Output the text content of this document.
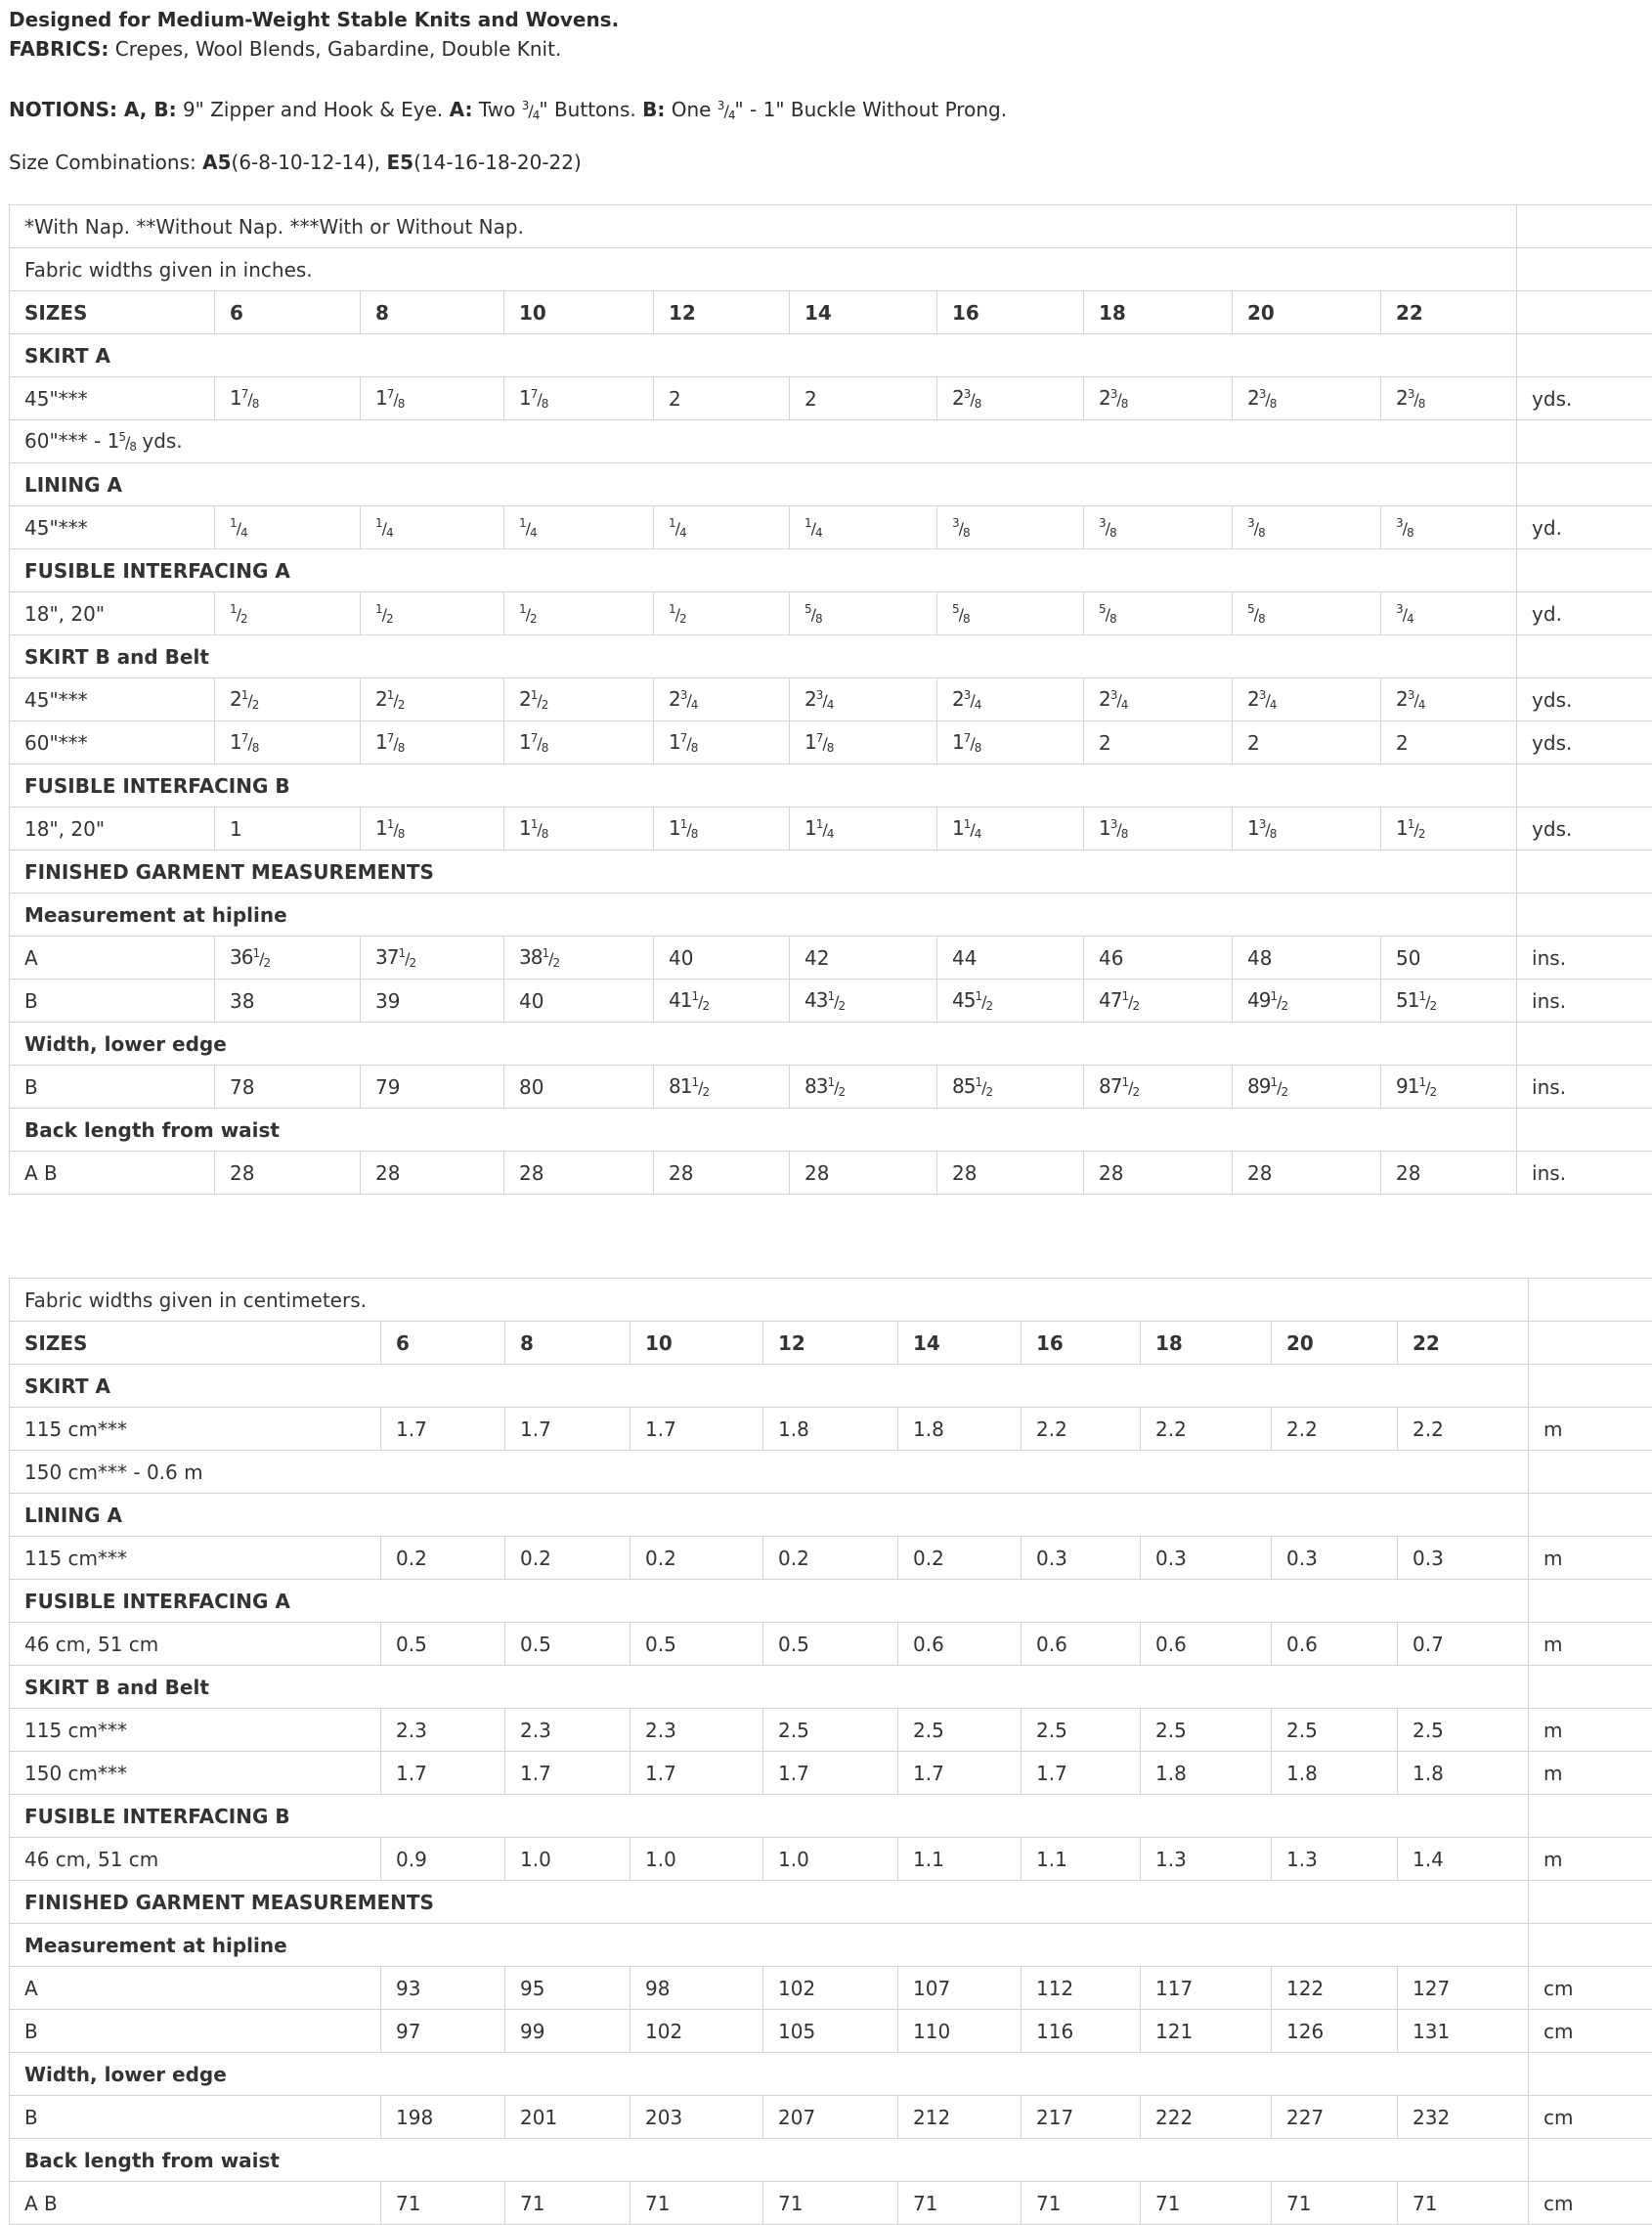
Designed for Medium-Weight Stable Knits and Wovens.
FABRICS: Crepes, Wool Blends, Gabardine, Double Knit.
NOTIONS: A, B: 9" Zipper and Hook & Eye. A: Two $^3/_4$" Buttons. B: One $^3/_4$" - 1" Buckle Without Prong.
Size Combinations: A5(6-8-10-12-14), E5(14-16-18-20-22)
*With Nap. **Without Nap. ***With or Without Nap.										
Fabric widths given in inches.										
SIZES	6	8	10	12	14	16	18	20	22	
SKIRT A										
45"***	$1^7/_8$	$1^7/_8$	$1^7/_8$	2	2	$2^3/_8$	$2^3/_8$	$2^3/_8$	$2^3/_8$	yds.
60"*** - $1^5/_8$ yds.										
LINING A										
45"***	$^1/_4$	$^1/_4$	$^1/_4$	$^1/_4$	$^1/_4$	$^3/_8$	$^3/_8$	$^3/_8$	$^3/_8$	yd.
FUSIBLE INTERFACING A										
18", 20"	$^1/_2$	$^1/_2$	$^1/_2$	$^1/_2$	$^5/_8$	$^5/_8$	$^5/_8$	$^5/_8$	$^3/_4$	yd.
SKIRT B and Belt										
45"***	$2^1/_2$	$2^1/_2$	$2^1/_2$	$2^3/_4$	$2^3/_4$	$2^3/_4$	$2^3/_4$	$2^3/_4$	$2^3/_4$	yds.
60"***	$1^7/_8$	$1^7/_8$	$1^7/_8$	$1^7/_8$	$1^7/_8$	$1^7/_8$	2	2	2	yds.
FUSIBLE INTERFACING B										
18", 20"	1	$1^1/_8$	$1^1/_8$	$1^1/_8$	$1^1/_4$	$1^1/_4$	$1^3/_8$	$1^3/_8$	$1^1/_2$	yds.
FINISHED GARMENT MEASUREMENTS										
Measurement at hipline										
A	$36^1/_2$	$37^1/_2$	$38^1/_2$	40	42	44	46	48	50	ins.
B	38	39	40	$41^1/_2$	$43^1/_2$	$45^1/_2$	$47^1/_2$	$49^1/_2$	$51^1/_2$	ins.
Width, lower edge										
B	78	79	80	$81^1/_2$	$83^1/_2$	$85^1/_2$	$87^1/_2$	$89^1/_2$	$91^1/_2$	ins.
Back length from waist										
A B	28	28	28	28	28	28	28	28	28	ins.
Fabric widths given in centimeters.										
SIZES	6	8	10	12	14	16	18	20	22	
SKIRT A										
115 cm***	1.7	1.7	1.7	1.8	1.8	2.2	2.2	2.2	2.2	m
150 cm*** - 0.6 m										
LINING A										
115 cm***	0.2	0.2	0.2	0.2	0.2	0.3	0.3	0.3	0.3	m
FUSIBLE INTERFACING A										
46 cm, 51 cm	0.5	0.5	0.5	0.5	0.6	0.6	0.6	0.6	0.7	m
SKIRT B and Belt										
115 cm***	2.3	2.3	2.3	2.5	2.5	2.5	2.5	2.5	2.5	m
150 cm***	1.7	1.7	1.7	1.7	1.7	1.7	1.8	1.8	1.8	m
FUSIBLE INTERFACING B										
46 cm, 51 cm	0.9	1.0	1.0	1.0	1.1	1.1	1.3	1.3	1.4	m
FINISHED GARMENT MEASUREMENTS										
Measurement at hipline										
A	93	95	98	102	107	112	117	122	127	cm
B	97	99	102	105	110	116	121	126	131	cm
Width, lower edge										
B	198	201	203	207	212	217	222	227	232	cm
Back length from waist										
A B	71	71	71	71	71	71	71	71	71	cm
